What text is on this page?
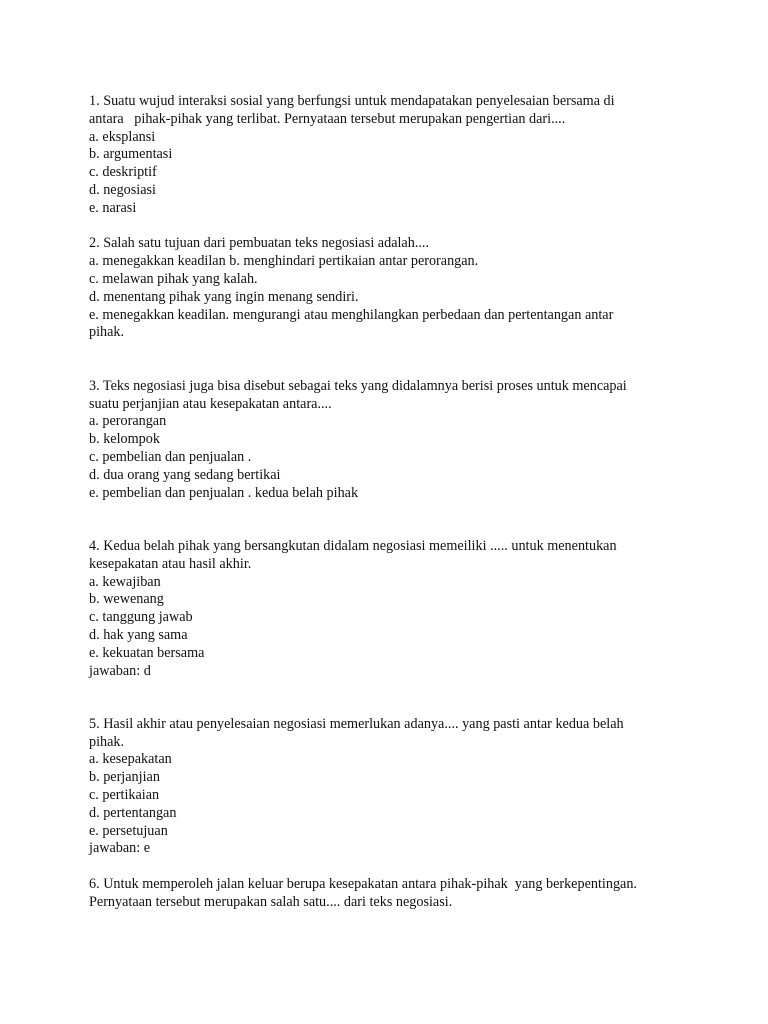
1. Suatu wujud interaksi sosial yang berfungsi untuk mendapatakan penyelesaian bersama di
antara   pihak-pihak yang terlibat. Pernyataan tersebut merupakan pengertian dari....
a. eksplansi
b. argumentasi
c. deskriptif
d. negosiasi
e. narasi
2. Salah satu tujuan dari pembuatan teks negosiasi adalah....
a. menegakkan keadilan b. menghindari pertikaian antar perorangan.
c. melawan pihak yang kalah.
d. menentang pihak yang ingin menang sendiri.
e. menegakkan keadilan. mengurangi atau menghilangkan perbedaan dan pertentangan antar
pihak.
3. Teks negosiasi juga bisa disebut sebagai teks yang didalamnya berisi proses untuk mencapai
suatu perjanjian atau kesepakatan antara....
a. perorangan
b. kelompok
c. pembelian dan penjualan .
d. dua orang yang sedang bertikai
e. pembelian dan penjualan . kedua belah pihak
4. Kedua belah pihak yang bersangkutan didalam negosiasi memeiliki ..... untuk menentukan
kesepakatan atau hasil akhir.
a. kewajiban
b. wewenang
c. tanggung jawab
d. hak yang sama
e. kekuatan bersama
jawaban: d
5. Hasil akhir atau penyelesaian negosiasi memerlukan adanya.... yang pasti antar kedua belah
pihak.
a. kesepakatan
b. perjanjian
c. pertikaian
d. pertentangan
e. persetujuan
jawaban: e
6. Untuk memperoleh jalan keluar berupa kesepakatan antara pihak-pihak  yang berkepentingan.
Pernyataan tersebut merupakan salah satu.... dari teks negosiasi.
